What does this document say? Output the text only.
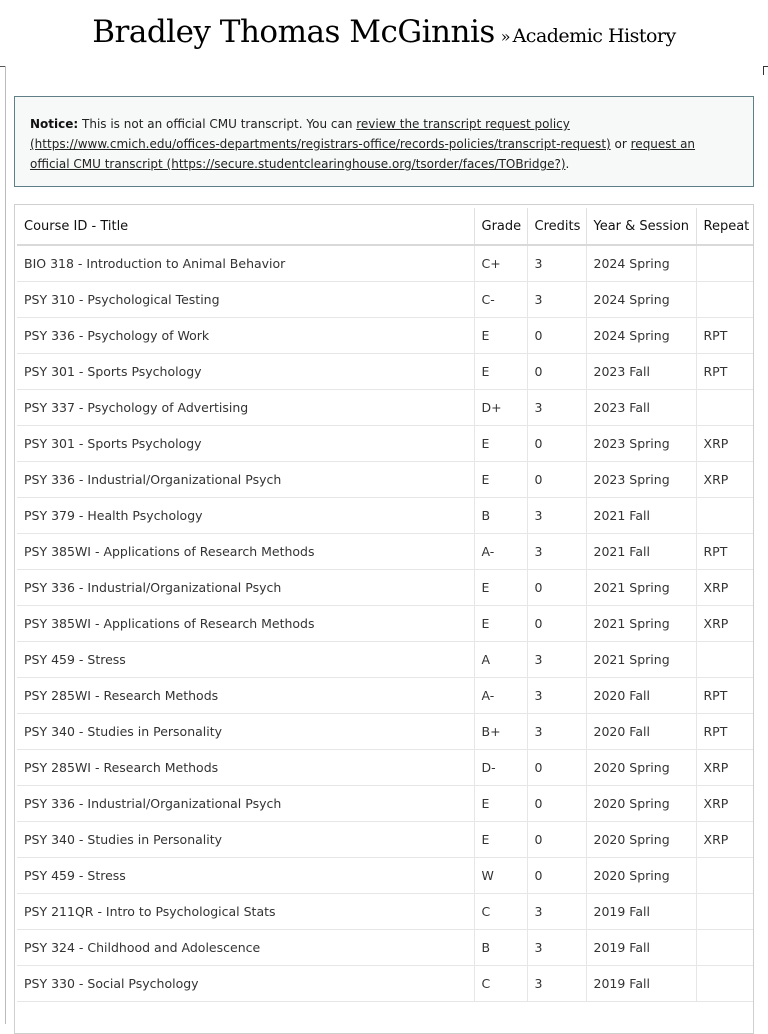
Bradley Thomas McGinnis » Academic History
Notice: This is not an official CMU transcript. You can review the transcript request policy (https://www.cmich.edu/offices-departments/registrars-office/records-policies/transcript-request) or request an official CMU transcript (https://secure.studentclearinghouse.org/tsorder/faces/TOBridge?).
Course ID - Title	Grade	Credits	Year & Session	Repeat
BIO 318 - Introduction to Animal Behavior	C+	3	2024 Spring	
PSY 310 - Psychological Testing	C-	3	2024 Spring	
PSY 336 - Psychology of Work	E	0	2024 Spring	RPT
PSY 301 - Sports Psychology	E	0	2023 Fall	RPT
PSY 337 - Psychology of Advertising	D+	3	2023 Fall	
PSY 301 - Sports Psychology	E	0	2023 Spring	XRP
PSY 336 - Industrial/Organizational Psych	E	0	2023 Spring	XRP
PSY 379 - Health Psychology	B	3	2021 Fall	
PSY 385WI - Applications of Research Methods	A-	3	2021 Fall	RPT
PSY 336 - Industrial/Organizational Psych	E	0	2021 Spring	XRP
PSY 385WI - Applications of Research Methods	E	0	2021 Spring	XRP
PSY 459 - Stress	A	3	2021 Spring	
PSY 285WI - Research Methods	A-	3	2020 Fall	RPT
PSY 340 - Studies in Personality	B+	3	2020 Fall	RPT
PSY 285WI - Research Methods	D-	0	2020 Spring	XRP
PSY 336 - Industrial/Organizational Psych	E	0	2020 Spring	XRP
PSY 340 - Studies in Personality	E	0	2020 Spring	XRP
PSY 459 - Stress	W	0	2020 Spring	
PSY 211QR - Intro to Psychological Stats	C	3	2019 Fall	
PSY 324 - Childhood and Adolescence	B	3	2019 Fall	
PSY 330 - Social Psychology	C	3	2019 Fall	
